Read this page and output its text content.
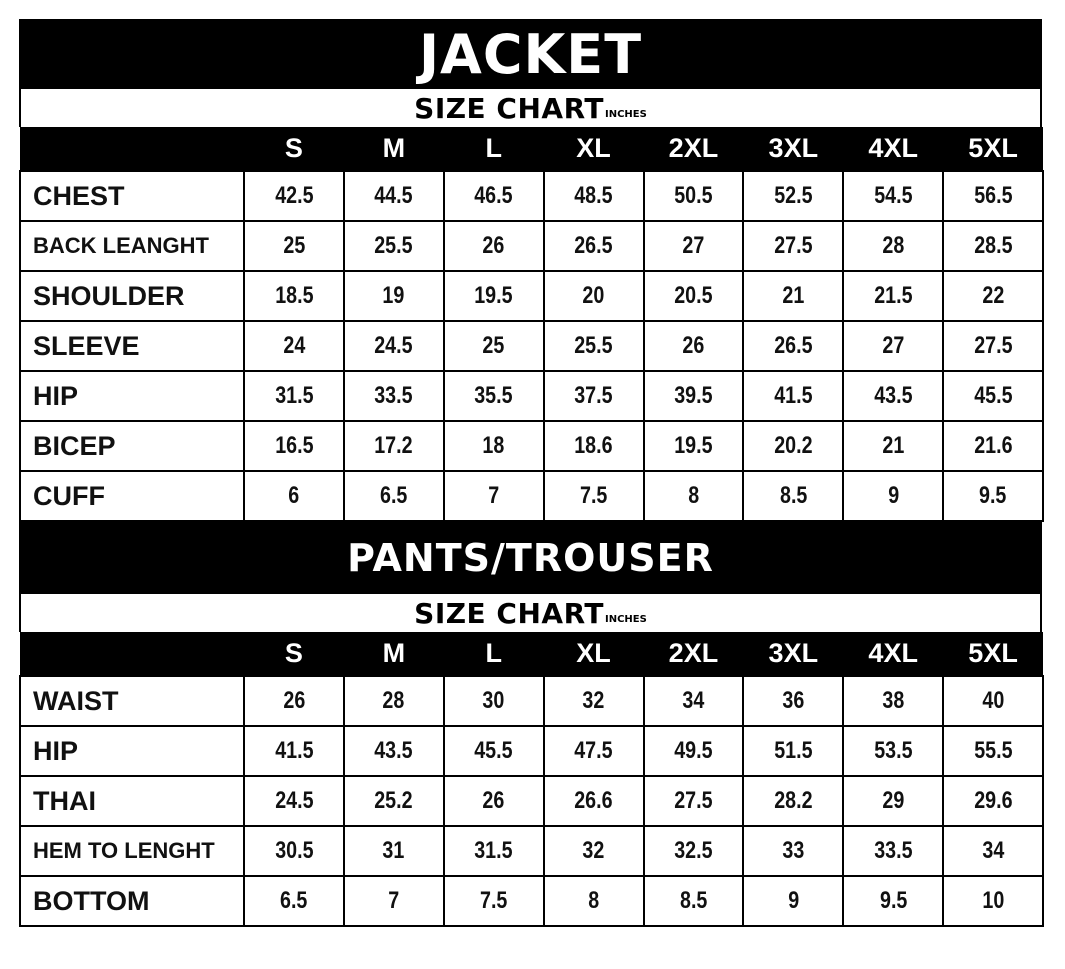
JACKET
SIZE CHART INCHES
	S	M	L	XL	2XL	3XL	4XL	5XL
CHEST	42.5	44.5	46.5	48.5	50.5	52.5	54.5	56.5
BACK LEANGHT	25	25.5	26	26.5	27	27.5	28	28.5
SHOULDER	18.5	19	19.5	20	20.5	21	21.5	22
SLEEVE	24	24.5	25	25.5	26	26.5	27	27.5
HIP	31.5	33.5	35.5	37.5	39.5	41.5	43.5	45.5
BICEP	16.5	17.2	18	18.6	19.5	20.2	21	21.6
CUFF	6	6.5	7	7.5	8	8.5	9	9.5
PANTS/TROUSER
SIZE CHART INCHES
	S	M	L	XL	2XL	3XL	4XL	5XL
WAIST	26	28	30	32	34	36	38	40
HIP	41.5	43.5	45.5	47.5	49.5	51.5	53.5	55.5
THAI	24.5	25.2	26	26.6	27.5	28.2	29	29.6
HEM TO LENGHT	30.5	31	31.5	32	32.5	33	33.5	34
BOTTOM	6.5	7	7.5	8	8.5	9	9.5	10
